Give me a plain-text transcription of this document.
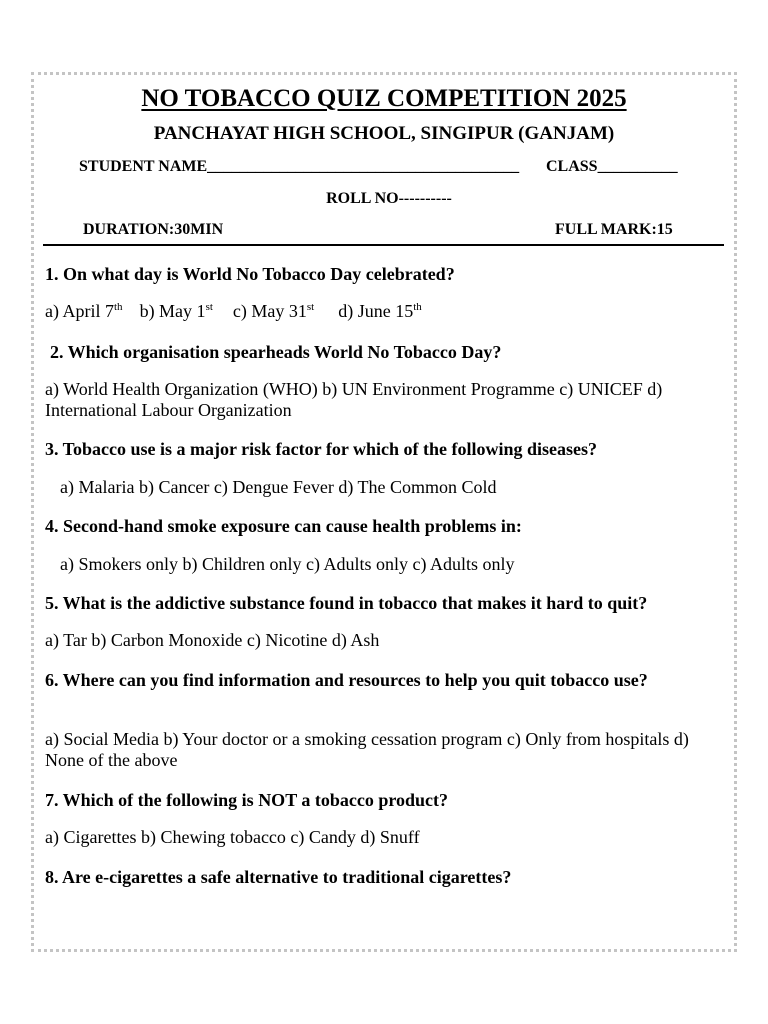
NO TOBACCO QUIZ COMPETITION 2025
PANCHAYAT HIGH SCHOOL, SINGIPUR (GANJAM)
STUDENT NAME_______________________________________ CLASS__________
ROLL NO----------
DURATION:30MIN	FULL MARK:15
1. On what day is World No Tobacco Day celebrated?
a) April 7th b) May 1st c) May 31st d) June 15th
2. Which organisation spearheads World No Tobacco Day?
a) World Health Organization (WHO) b) UN Environment Programme c) UNICEF d) International Labour Organization
3. Tobacco use is a major risk factor for which of the following diseases?
a) Malaria b) Cancer c) Dengue Fever d) The Common Cold
4. Second-hand smoke exposure can cause health problems in:
a) Smokers only b) Children only c) Adults only c) Adults only
5. What is the addictive substance found in tobacco that makes it hard to quit?
a) Tar b) Carbon Monoxide c) Nicotine d) Ash
6. Where can you find information and resources to help you quit tobacco use?
a) Social Media b) Your doctor or a smoking cessation program c) Only from hospitals d) None of the above
7. Which of the following is NOT a tobacco product?
a) Cigarettes b) Chewing tobacco c) Candy d) Snuff
8. Are e-cigarettes a safe alternative to traditional cigarettes?
